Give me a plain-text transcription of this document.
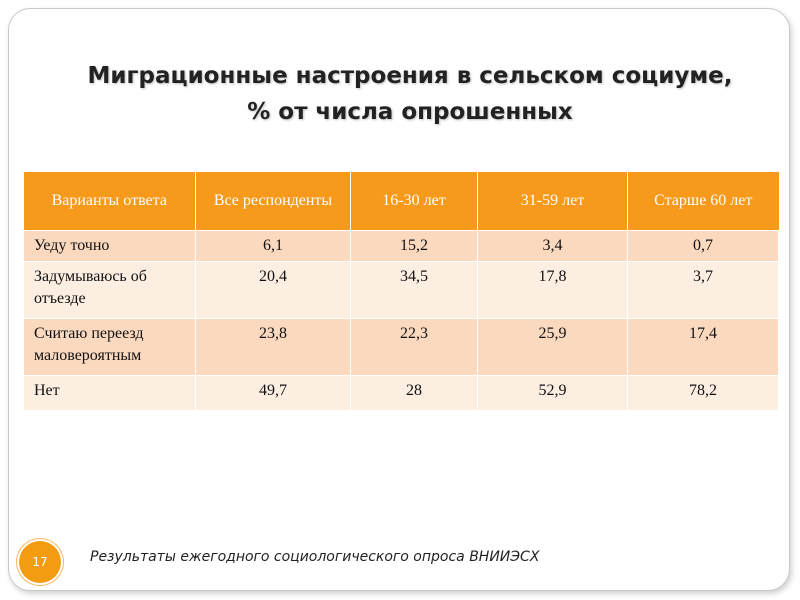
Миграционные настроения в сельском социуме,
% от числа опрошенных
Варианты ответа	Все респонденты	16-30 лет	31-59 лет	Старше 60 лет
Уеду точно	6,1	15,2	3,4	0,7
Задумываюсь об отъезде	20,4	34,5	17,8	3,7
Считаю переезд маловероятным	23,8	22,3	25,9	17,4
Нет	49,7	28	52,9	78,2
17	Результаты ежегодного социологического опроса ВНИИЭСХ
